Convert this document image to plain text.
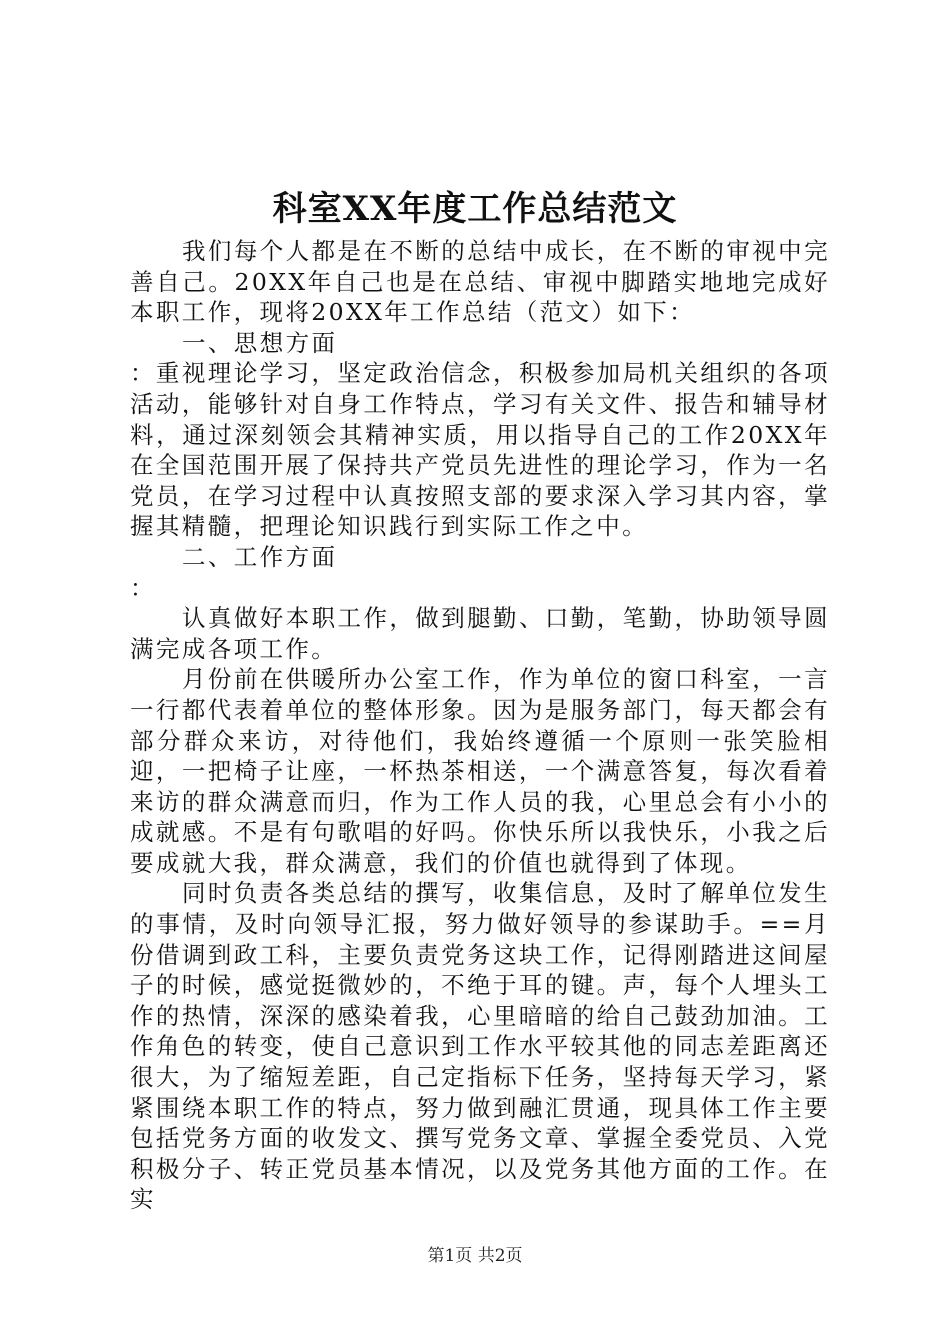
科室XX年度工作总结范文

我们每个人都是在不断的总结中成长，在不断的审视中完善自己。20XX年自己也是在总结、审视中脚踏实地地完成好本职工作，现将20XX年工作总结（范文）如下：

一、思想方面

：重视理论学习，坚定政治信念，积极参加局机关组织的各项活动，能够针对自身工作特点，学习有关文件、报告和辅导材料，通过深刻领会其精神实质，用以指导自己的工作20XX年在全国范围开展了保持共产党员先进性的理论学习，作为一名党员，在学习过程中认真按照支部的要求深入学习其内容，掌握其精髓，把理论知识践行到实际工作之中。

二、工作方面

：

认真做好本职工作，做到腿勤、口勤，笔勤，协助领导圆满完成各项工作。

月份前在供暖所办公室工作，作为单位的窗口科室，一言一行都代表着单位的整体形象。因为是服务部门，每天都会有部分群众来访，对待他们，我始终遵循一个原则一张笑脸相迎，一把椅子让座，一杯热茶相送，一个满意答复，每次看着来访的群众满意而归，作为工作人员的我，心里总会有小小的成就感。不是有句歌唱的好吗。你快乐所以我快乐，小我之后要成就大我，群众满意，我们的价值也就得到了体现。

同时负责各类总结的撰写，收集信息，及时了解单位发生的事情，及时向领导汇报，努力做好领导的参谋助手。==月份借调到政工科，主要负责党务这块工作，记得刚踏进这间屋子的时候，感觉挺微妙的，不绝于耳的键。声，每个人埋头工作的热情，深深的感染着我，心里暗暗的给自己鼓劲加油。工作角色的转变，使自己意识到工作水平较其他的同志差距离还很大，为了缩短差距，自己定指标下任务，坚持每天学习，紧紧围绕本职工作的特点，努力做到融汇贯通，现具体工作主要包括党务方面的收发文、撰写党务文章、掌握全委党员、入党积极分子、转正党员基本情况，以及党务其他方面的工作。在实

第1页 共2页
